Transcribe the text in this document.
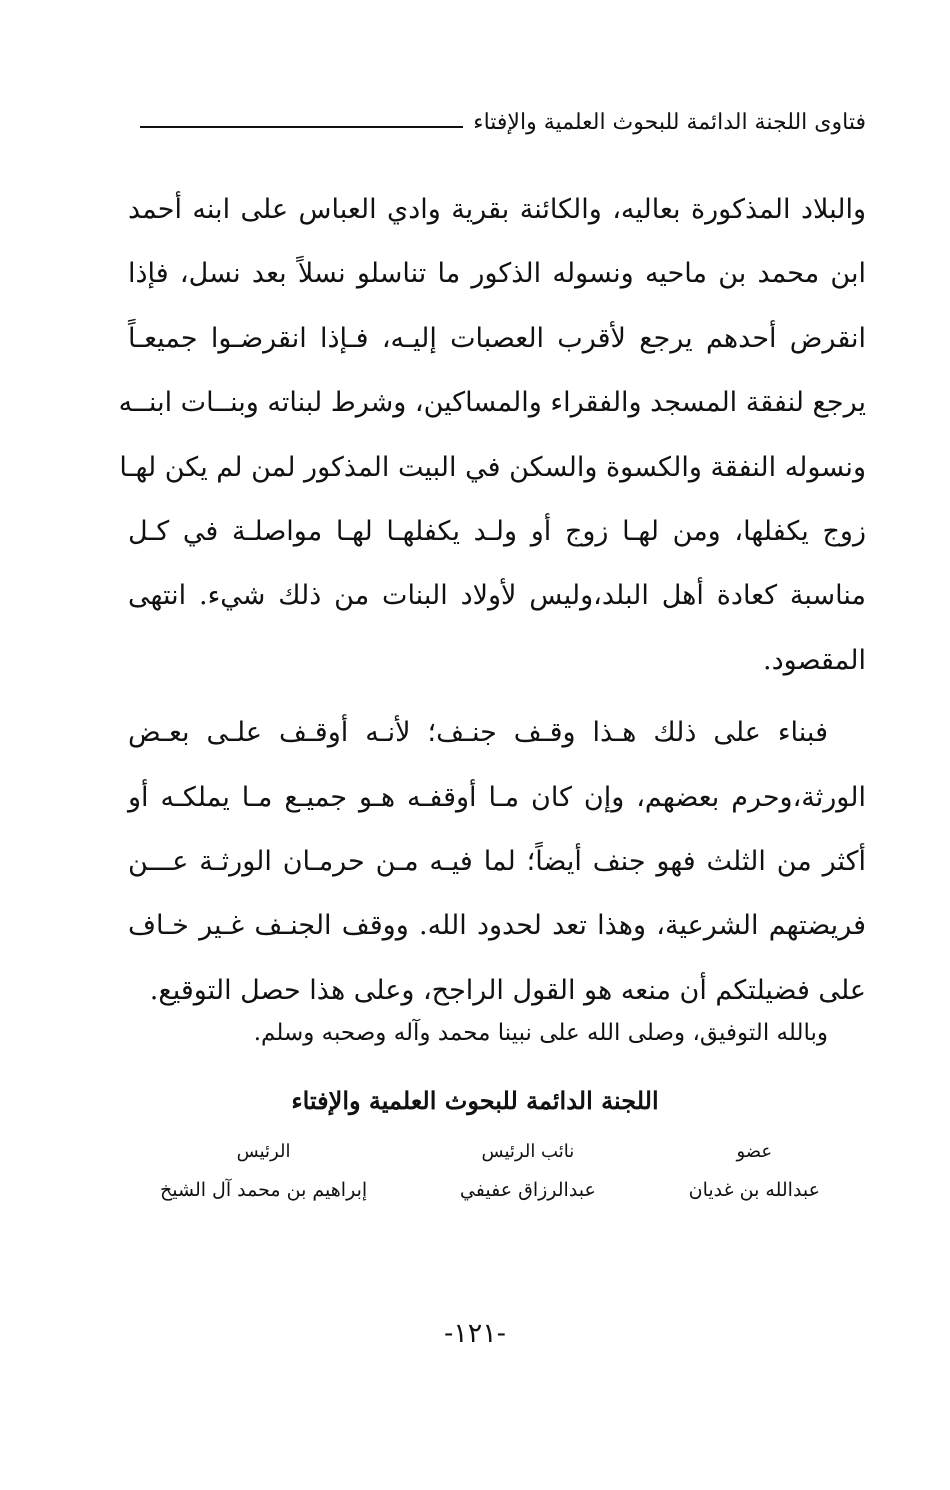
فتاوى اللجنة الدائمة للبحوث العلمية والإفتاء
والبلاد المذكورة بعاليه، والكائنة بقرية وادي العباس على ابنه أحمد
ابن محمد بن ماحيه ونسوله الذكور ما تناسلو نسلاً بعد نسل، فإذا
انقرض أحدهم يرجع لأقرب العصبات إليـه، فـإذا انقرضـوا جميعـاً
يرجع لنفقة المسجد والفقراء والمساكين، وشرط لبناته وبنــات ابنــه
ونسوله النفقة والكسوة والسكن في البيت المذكور لمن لم يكن لهـا
زوج يكفلها، ومن لهـا زوج أو ولـد يكفلهـا لهـا مواصلـة في كـل
مناسبة كعادة أهل البلد،وليس لأولاد البنات من ذلك شيء. انتهى
المقصود.
فبناء على ذلك هـذا وقـف جنـف؛ لأنـه أوقـف علـى بعـض
الورثة،وحرم بعضهم، وإن كان مـا أوقفـه هـو جميـع مـا يملكـه أو
أكثر من الثلث فهو جنف أيضاً؛ لما فيـه مـن حرمـان الورثـة عـــن
فريضتهم الشرعية، وهذا تعد لحدود الله. ووقف الجنـف غـير خـاف
على فضيلتكم أن منعه هو القول الراجح، وعلى هذا حصل التوقيع.
وبالله التوفيق، وصلى الله على نبينا محمد وآله وصحبه وسلم.
اللجنة الدائمة للبحوث العلمية والإفتاء
عضو
عبدالله بن غديان
نائب الرئيس
عبدالرزاق عفيفي
الرئيس
إبراهيم بن محمد آل الشيخ
-١٢١-
